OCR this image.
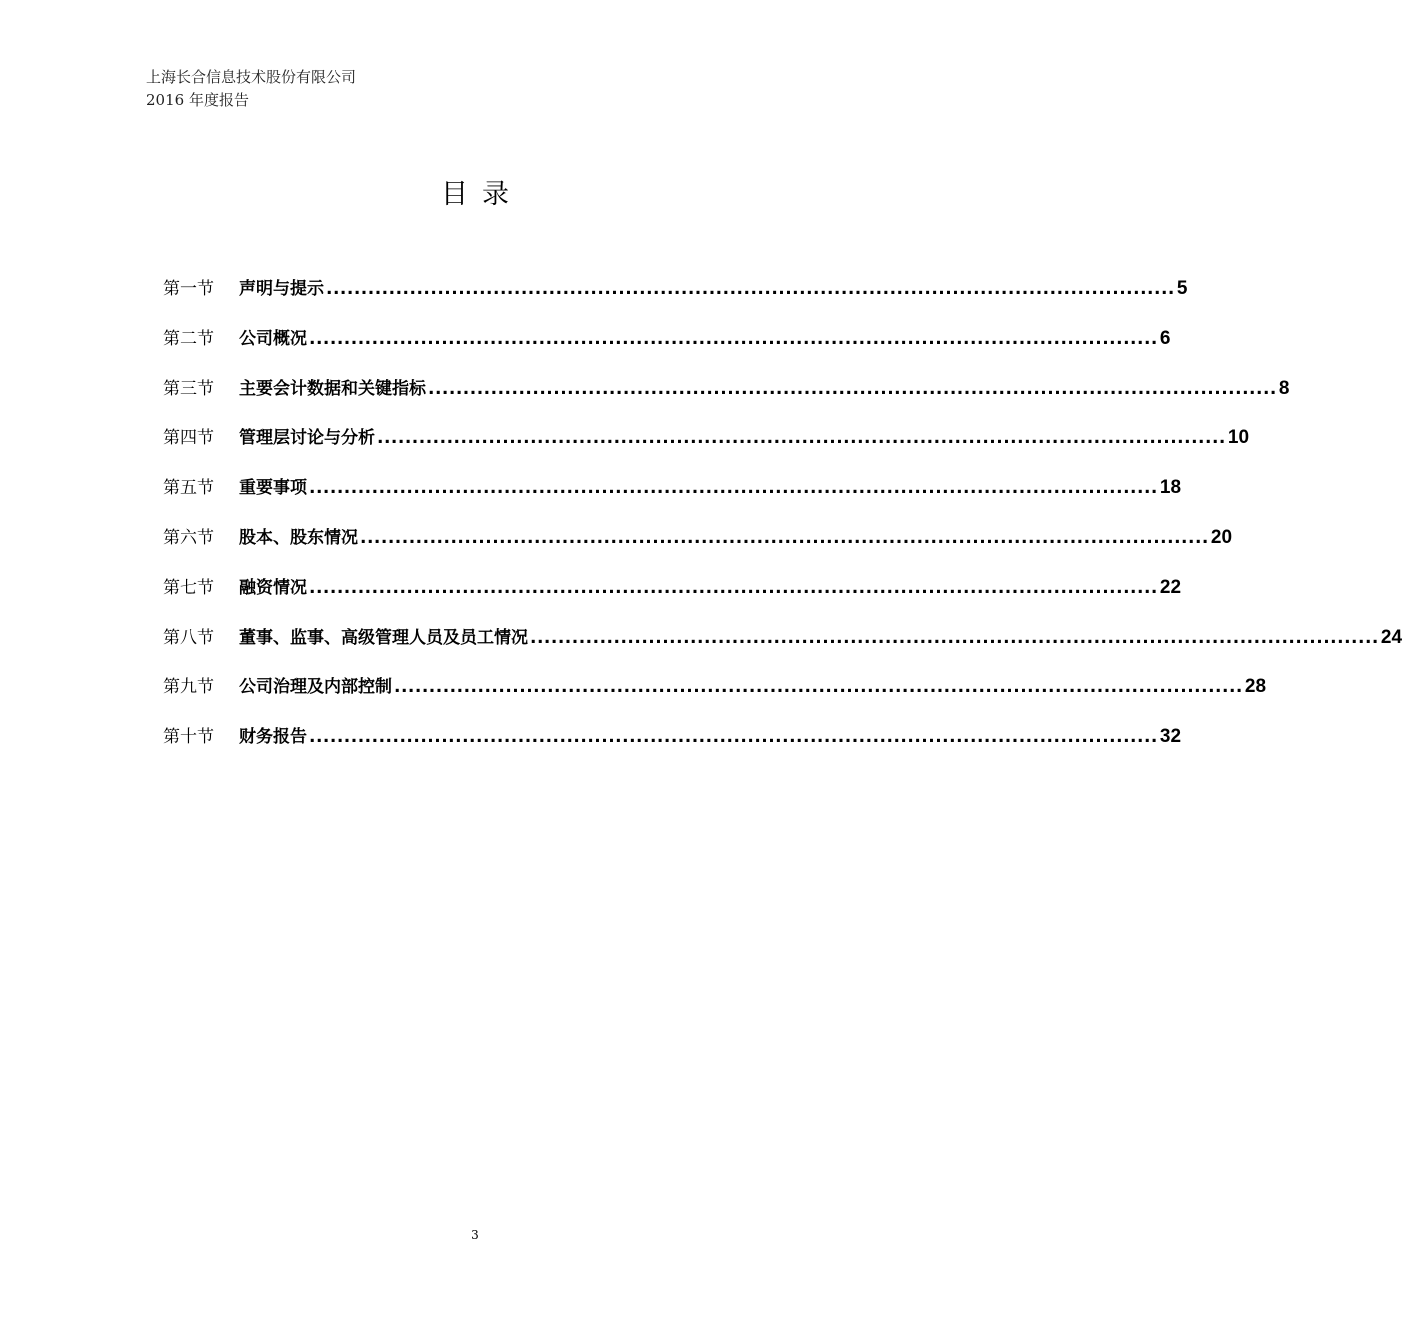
上海长合信息技术股份有限公司
2016 年度报告
目录
第一节	声明与提示 .......................................................................................................................... 5
第二节	公司概况 .......................................................................................................................... 6
第三节	主要会计数据和关键指标 .......................................................................................................................... 8
第四节	管理层讨论与分析 .......................................................................................................................... 10
第五节	重要事项 .......................................................................................................................... 18
第六节	股本、股东情况 .......................................................................................................................... 20
第七节	融资情况 .......................................................................................................................... 22
第八节	董事、监事、高级管理人员及员工情况 .......................................................................................................................... 24
第九节	公司治理及内部控制 .......................................................................................................................... 28
第十节	财务报告 .......................................................................................................................... 32
3
